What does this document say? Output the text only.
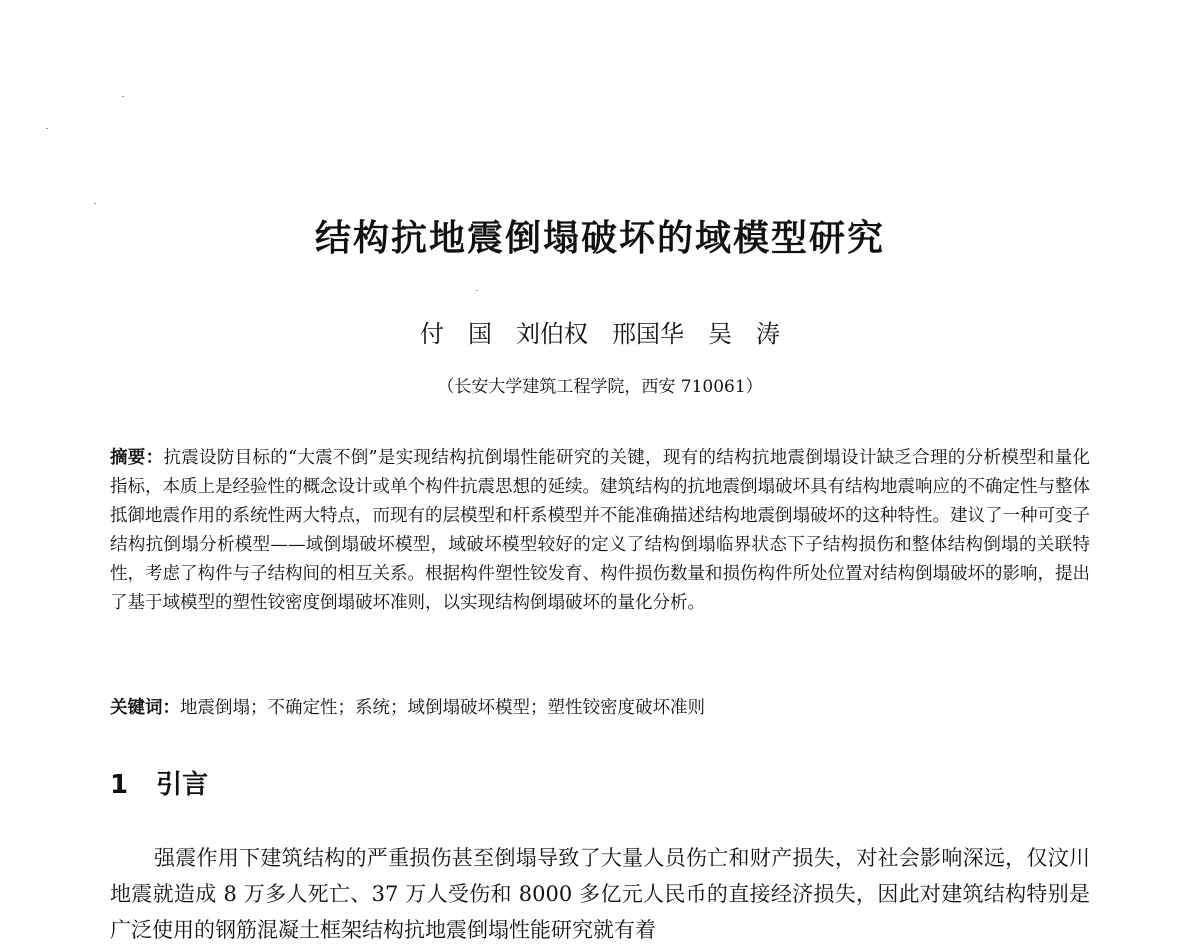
结构抗地震倒塌破坏的域模型研究
付　国　刘伯权　邢国华　吴　涛
（长安大学建筑工程学院，西安 710061）
摘要：抗震设防目标的“大震不倒”是实现结构抗倒塌性能研究的关键，现有的结构抗地震倒塌设计缺乏合理的分析模型和量化指标，本质上是经验性的概念设计或单个构件抗震思想的延续。建筑结构的抗地震倒塌破坏具有结构地震响应的不确定性与整体抵御地震作用的系统性两大特点，而现有的层模型和杆系模型并不能准确描述结构地震倒塌破坏的这种特性。建议了一种可变子结构抗倒塌分析模型——域倒塌破坏模型，域破坏模型较好的定义了结构倒塌临界状态下子结构损伤和整体结构倒塌的关联特性，考虑了构件与子结构间的相互关系。根据构件塑性铰发育、构件损伤数量和损伤构件所处位置对结构倒塌破坏的影响，提出了基于域模型的塑性铰密度倒塌破坏准则，以实现结构倒塌破坏的量化分析。
关键词：地震倒塌；不确定性；系统；域倒塌破坏模型；塑性铰密度破坏准则
1 引言
强震作用下建筑结构的严重损伤甚至倒塌导致了大量人员伤亡和财产损失，对社会影响深远，仅汶川地震就造成 8 万多人死亡、37 万人受伤和 8000 多亿元人民币的直接经济损失，因此对建筑结构特别是广泛使用的钢筋混凝土框架结构抗地震倒塌性能研究就有着
